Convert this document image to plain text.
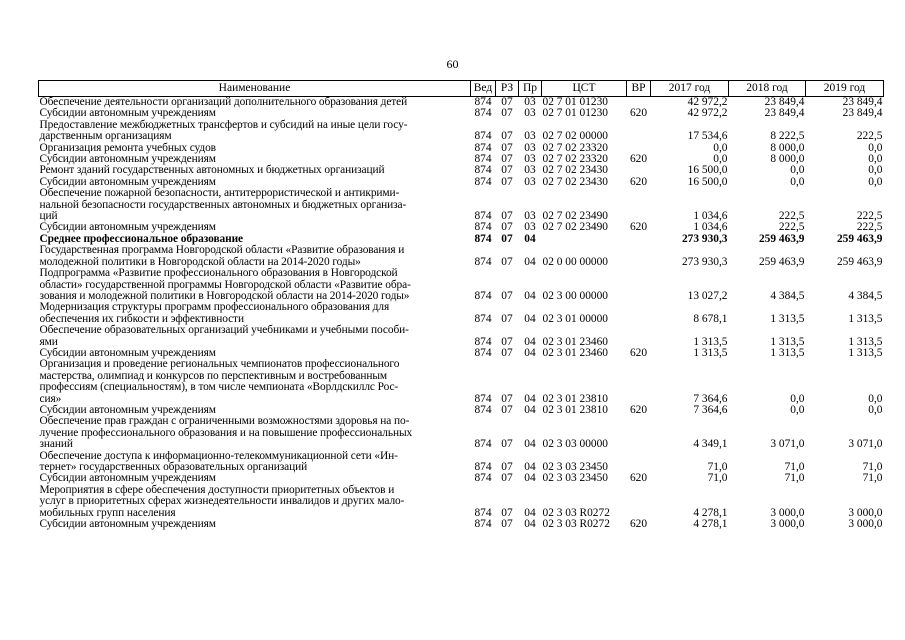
60
Наименование	Вед	РЗ	Пр	ЦСТ	ВР	2017 год	2018 год	2019 год
Обеспечение деятельности организаций дополнительного образования детей	874	07	03	02 7 01 01230		42 972,2	23 849,4	23 849,4
Субсидии автономным учреждениям	874	07	03	02 7 01 01230	620	42 972,2	23 849,4	23 849,4
Предоставление межбюджетных трансфертов и субсидий на иные цели госу-
дарственным организациям	874	07	03	02 7 02 00000		17 534,6	8 222,5	222,5
Организация ремонта учебных судов	874	07	03	02 7 02 23320		0,0	8 000,0	0,0
Субсидии автономным учреждениям	874	07	03	02 7 02 23320	620	0,0	8 000,0	0,0
Ремонт зданий государственных автономных и бюджетных организаций	874	07	03	02 7 02 23430		16 500,0	0,0	0,0
Субсидии автономным учреждениям	874	07	03	02 7 02 23430	620	16 500,0	0,0	0,0
Обеспечение пожарной безопасности, антитеррористической и антикрими-
нальной безопасности государственных автономных и бюджетных организа-
ций	874	07	03	02 7 02 23490		1 034,6	222,5	222,5
Субсидии автономным учреждениям	874	07	03	02 7 02 23490	620	1 034,6	222,5	222,5
Среднее профессиональное образование	874	07	04			273 930,3	259 463,9	259 463,9
Государственная программа Новгородской области «Развитие образования и
молодежной политики в Новгородской области на 2014-2020 годы»	874	07	04	02 0 00 00000		273 930,3	259 463,9	259 463,9
Подпрограмма «Развитие профессионального образования в Новгородской
области» государственной программы Новгородской области «Развитие обра-
зования и молодежной политики в Новгородской области на 2014-2020 годы»	874	07	04	02 3 00 00000		13 027,2	4 384,5	4 384,5
Модернизация структуры программ профессионального образования для
обеспечения их гибкости и эффективности	874	07	04	02 3 01 00000		8 678,1	1 313,5	1 313,5
Обеспечение образовательных организаций учебниками и учебными пособи-
ями	874	07	04	02 3 01 23460		1 313,5	1 313,5	1 313,5
Субсидии автономным учреждениям	874	07	04	02 3 01 23460	620	1 313,5	1 313,5	1 313,5
Организация и проведение региональных чемпионатов профессионального
мастерства, олимпиад и конкурсов по перспективным и востребованным
профессиям (специальностям), в том числе чемпионата «Ворлдскиллс Рос-
сия»	874	07	04	02 3 01 23810		7 364,6	0,0	0,0
Субсидии автономным учреждениям	874	07	04	02 3 01 23810	620	7 364,6	0,0	0,0
Обеспечение прав граждан с ограниченными возможностями здоровья на по-
лучение профессионального образования и на повышение профессиональных
знаний	874	07	04	02 3 03 00000		4 349,1	3 071,0	3 071,0
Обеспечение доступа к информационно-телекоммуникационной сети «Ин-
тернет» государственных образовательных организаций	874	07	04	02 3 03 23450		71,0	71,0	71,0
Субсидии автономным учреждениям	874	07	04	02 3 03 23450	620	71,0	71,0	71,0
Мероприятия в сфере обеспечения доступности приоритетных объектов и
услуг в приоритетных сферах жизнедеятельности инвалидов и других мало-
мобильных групп населения	874	07	04	02 3 03 R0272		4 278,1	3 000,0	3 000,0
Субсидии автономным учреждениям	874	07	04	02 3 03 R0272	620	4 278,1	3 000,0	3 000,0
